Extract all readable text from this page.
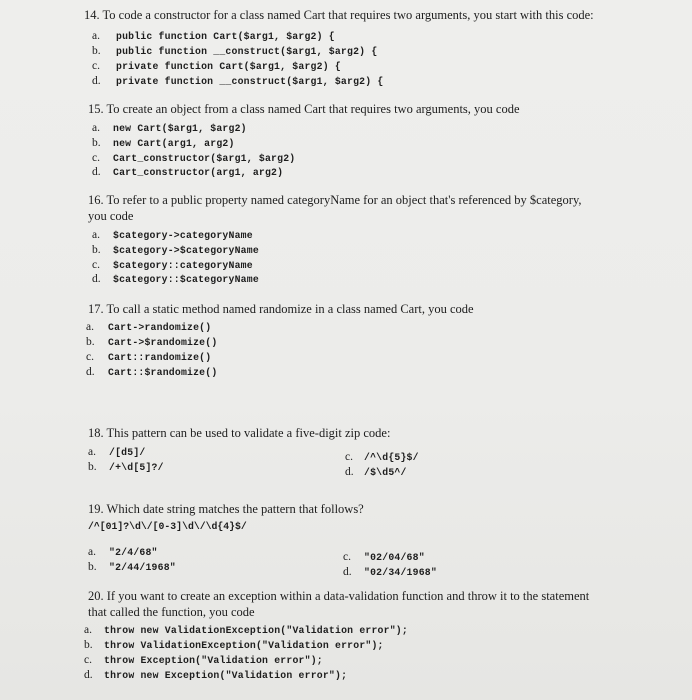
14. To code a constructor for a class named Cart that requires two arguments, you start with this code:
a.	public function Cart($arg1, $arg2) {
b.	public function __construct($arg1, $arg2) {
c.	private function Cart($arg1, $arg2) {
d.	private function __construct($arg1, $arg2) {
15. To create an object from a class named Cart that requires two arguments, you code
a.	new Cart($arg1, $arg2)
b.	new Cart(arg1, arg2)
c.	Cart_constructor($arg1, $arg2)
d.	Cart_constructor(arg1, arg2)
16. To refer to a public property named categoryName for an object that's referenced by $category,
you code
a.	$category->categoryName
b.	$category->$categoryName
c.	$category::categoryName
d.	$category::$categoryName
17. To call a static method named randomize in a class named Cart, you code
a.	Cart->randomize()
b.	Cart->$randomize()
c.	Cart::randomize()
d.	Cart::$randomize()
18. This pattern can be used to validate a five-digit zip code:
a.	/[d5]/
b.	/+\d[5]?/
c.	/^\d{5}$/
d.	/$\d5^/
19. Which date string matches the pattern that follows?
/^[01]?\d\/[0-3]\d\/\d{4}$/
a.	"2/4/68"
b.	"2/44/1968"
c.	"02/04/68"
d.	"02/34/1968"
20. If you want to create an exception within a data-validation function and throw it to the statement
that called the function, you code
a.	throw new ValidationException("Validation error");
b.	throw ValidationException("Validation error");
c.	throw Exception("Validation error");
d.	throw new Exception("Validation error");
